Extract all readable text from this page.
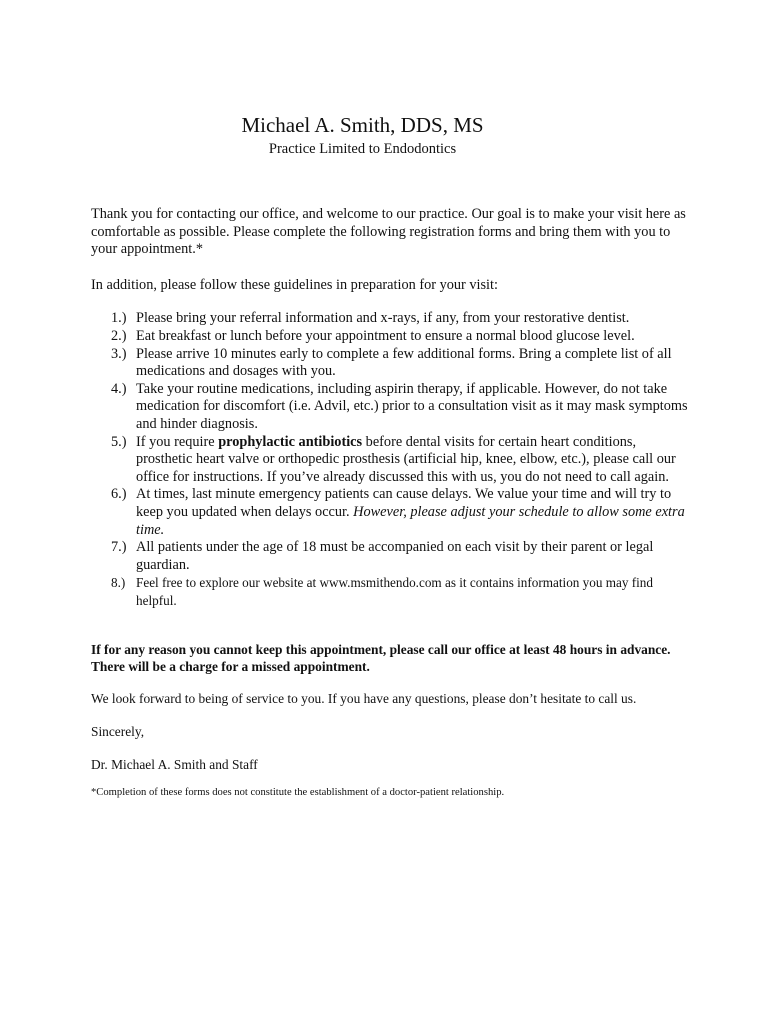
Michael A. Smith, DDS, MS
Practice Limited to Endodontics

Thank you for contacting our office, and welcome to our practice. Our goal is to make your visit here as comfortable as possible. Please complete the following registration forms and bring them with you to your appointment.*

In addition, please follow these guidelines in preparation for your visit:

1.) Please bring your referral information and x-rays, if any, from your restorative dentist.
2.) Eat breakfast or lunch before your appointment to ensure a normal blood glucose level.
3.) Please arrive 10 minutes early to complete a few additional forms. Bring a complete list of all medications and dosages with you.
4.) Take your routine medications, including aspirin therapy, if applicable. However, do not take medication for discomfort (i.e. Advil, etc.) prior to a consultation visit as it may mask symptoms and hinder diagnosis.
5.) If you require prophylactic antibiotics before dental visits for certain heart conditions, prosthetic heart valve or orthopedic prosthesis (artificial hip, knee, elbow, etc.), please call our office for instructions. If you’ve already discussed this with us, you do not need to call again.
6.) At times, last minute emergency patients can cause delays. We value your time and will try to keep you updated when delays occur. However, please adjust your schedule to allow some extra time.
7.) All patients under the age of 18 must be accompanied on each visit by their parent or legal guardian.
8.) Feel free to explore our website at www.msmithendo.com as it contains information you may find helpful.

If for any reason you cannot keep this appointment, please call our office at least 48 hours in advance. There will be a charge for a missed appointment.

We look forward to being of service to you. If you have any questions, please don’t hesitate to call us.

Sincerely,

Dr. Michael A. Smith and Staff

*Completion of these forms does not constitute the establishment of a doctor-patient relationship.
